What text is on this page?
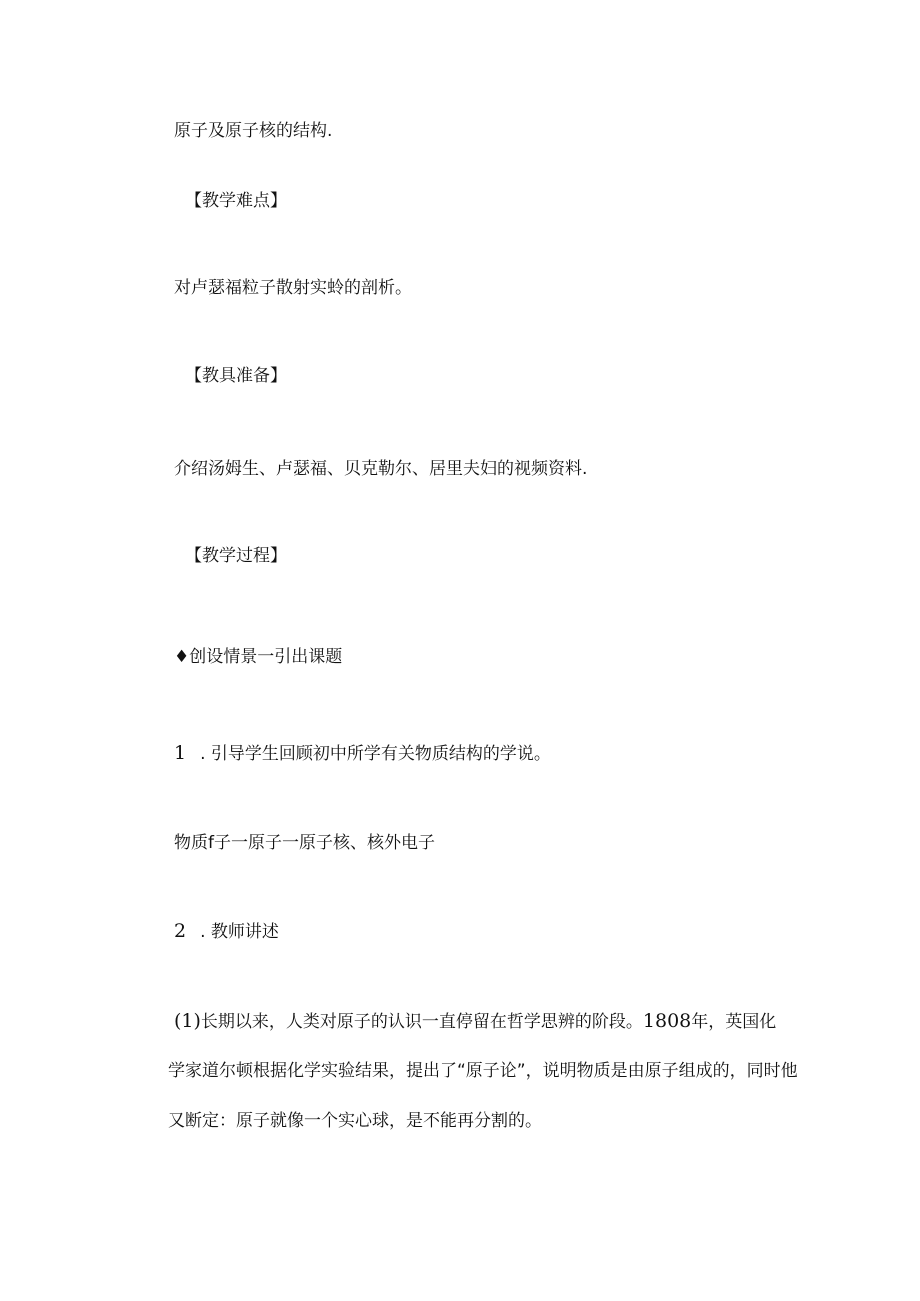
原子及原子核的结构.

【教学难点】

对卢瑟福粒子散射实蛉的剖析。

【教具准备】

介绍汤姆生、卢瑟福、贝克勒尔、居里夫妇的视频资料.

【教学过程】

♦创设情景一引出课题

1 . 引导学生回顾初中所学有关物质结构的学说。

物质f子一原子一原子核、核外电子

2 . 教师讲述

(1)长期以来，人类对原子的认识一直停留在哲学思辨的阶段。1808年，英国化
学家道尔顿根据化学实验结果，提出了“原子论”，说明物质是由原子组成的，同时他
又断定：原子就像一个实心球，是不能再分割的。
